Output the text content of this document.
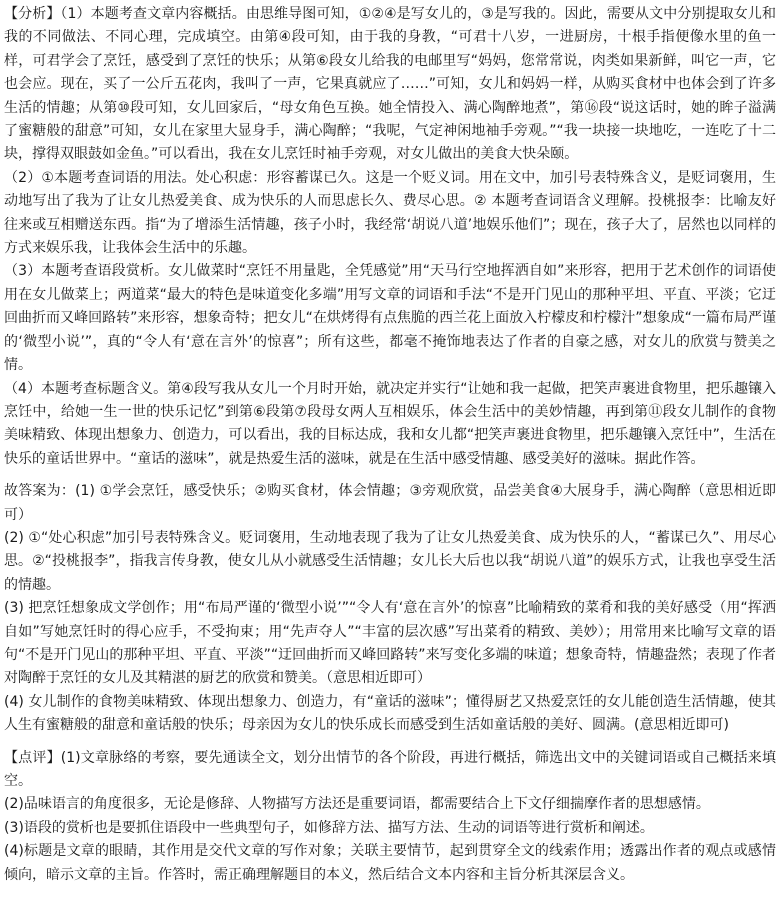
【分析】（1）本题考查文章内容概括。由思维导图可知，①②④是写女儿的，③是写我的。因此，需要从文中分别提取女儿和我的不同做法、不同心理，完成填空。由第④段可知，由于我的身教，“可君十八岁，一进厨房，十根手指便像水里的鱼一样，可君学会了烹饪，感受到了烹饪的快乐；从第⑥段女儿给我的电邮里写“妈妈，您常常说，肉类如果新鲜，叫它一声，它也会应。现在，买了一公斤五花肉，我叫了一声，它果真就应了……”可知，女儿和妈妈一样，从购买食材中也体会到了许多生活的情趣；从第⑩段可知，女儿回家后，“母女角色互换。她全情投入、满心陶醉地煮”，第⑯段“说这话时，她的眸子溢满了蜜糖般的甜意”可知，女儿在家里大显身手，满心陶醉；“我呢，气定神闲地袖手旁观。”“我一块接一块地吃，一连吃了十二块，撑得双眼鼓如金鱼。”可以看出，我在女儿烹饪时袖手旁观，对女儿做出的美食大快朵颐。

（2）①本题考查词语的用法。处心积虑：形容蓄谋已久。这是一个贬义词。用在文中，加引号表特殊含义，是贬词褒用，生动地写出了我为了让女儿热爱美食、成为快乐的人而思虑长久、费尽心思。② 本题考查词语含义理解。投桃报李：比喻友好往来或互相赠送东西。指“为了增添生活情趣，孩子小时，我经常‘胡说八道’地娱乐他们”；现在，孩子大了，居然也以同样的方式来娱乐我，让我体会生活中的乐趣。

（3）本题考查语段赏析。女儿做菜时“烹饪不用量匙，全凭感觉”用“天马行空地挥洒自如”来形容，把用于艺术创作的词语使用在女儿做菜上；两道菜“最大的特色是味道变化多端”用写文章的词语和手法“不是开门见山的那种平坦、平直、平淡；它迂回曲折而又峰回路转”来形容，想象奇特；把女儿“在烘烤得有点焦脆的西兰花上面放入柠檬皮和柠檬汁”想象成“一篇布局严谨的‘微型小说’”，真的“令人有‘意在言外’的惊喜”；所有这些，都毫不掩饰地表达了作者的自豪之感，对女儿的欣赏与赞美之情。

（4）本题考查标题含义。第④段写我从女儿一个月时开始，就决定并实行“让她和我一起做，把笑声裹进食物里，把乐趣镶入烹饪中，给她一生一世的快乐记忆”到第⑥段第⑦段母女两人互相娱乐，体会生活中的美妙情趣，再到第⑪段女儿制作的食物美味精致、体现出想象力、创造力，可以看出，我的目标达成，我和女儿都“把笑声裹进食物里，把乐趣镶入烹饪中”，生活在快乐的童话世界中。“童话的滋味”，就是热爱生活的滋味，就是在生活中感受情趣、感受美好的滋味。据此作答。

故答案为：(1) ①学会烹饪，感受快乐；②购买食材，体会情趣；③旁观欣赏，品尝美食④大展身手，满心陶醉（意思相近即可）

(2) ①“处心积虑”加引号表特殊含义。贬词褒用，生动地表现了我为了让女儿热爱美食、成为快乐的人，“蓄谋已久”、用尽心思。②“投桃报李”，指我言传身教，使女儿从小就感受生活情趣；女儿长大后也以我“胡说八道”的娱乐方式，让我也享受生活的情趣。

(3) 把烹饪想象成文学创作；用“布局严谨的‘微型小说’”“令人有‘意在言外’的惊喜”比喻精致的菜肴和我的美好感受（用“挥洒自如”写她烹饪时的得心应手，不受拘束；用“先声夺人”“丰富的层次感”写出菜肴的精致、美妙）；用常用来比喻写文章的语句“不是开门见山的那种平坦、平直、平淡”“迂回曲折而又峰回路转”来写变化多端的味道；想象奇特，情趣盎然；表现了作者对陶醉于烹饪的女儿及其精湛的厨艺的欣赏和赞美。（意思相近即可）

(4) 女儿制作的食物美味精致、体现出想象力、创造力，有“童话的滋味”；懂得厨艺又热爱烹饪的女儿能创造生活情趣，使其人生有蜜糖般的甜意和童话般的快乐；母亲因为女儿的快乐成长而感受到生活如童话般的美好、圆满。(意思相近即可)

【点评】(1)文章脉络的考察，要先通读全文，划分出情节的各个阶段，再进行概括，筛选出文中的关键词语或自己概括来填空。

(2)品味语言的角度很多，无论是修辞、人物描写方法还是重要词语，都需要结合上下文仔细揣摩作者的思想感情。

(3)语段的赏析也是要抓住语段中一些典型句子，如修辞方法、描写方法、生动的词语等进行赏析和阐述。

(4)标题是文章的眼睛，其作用是交代文章的写作对象；关联主要情节，起到贯穿全文的线索作用；透露出作者的观点或感情倾向，暗示文章的主旨。作答时，需正确理解题目的本义，然后结合文本内容和主旨分析其深层含义。
